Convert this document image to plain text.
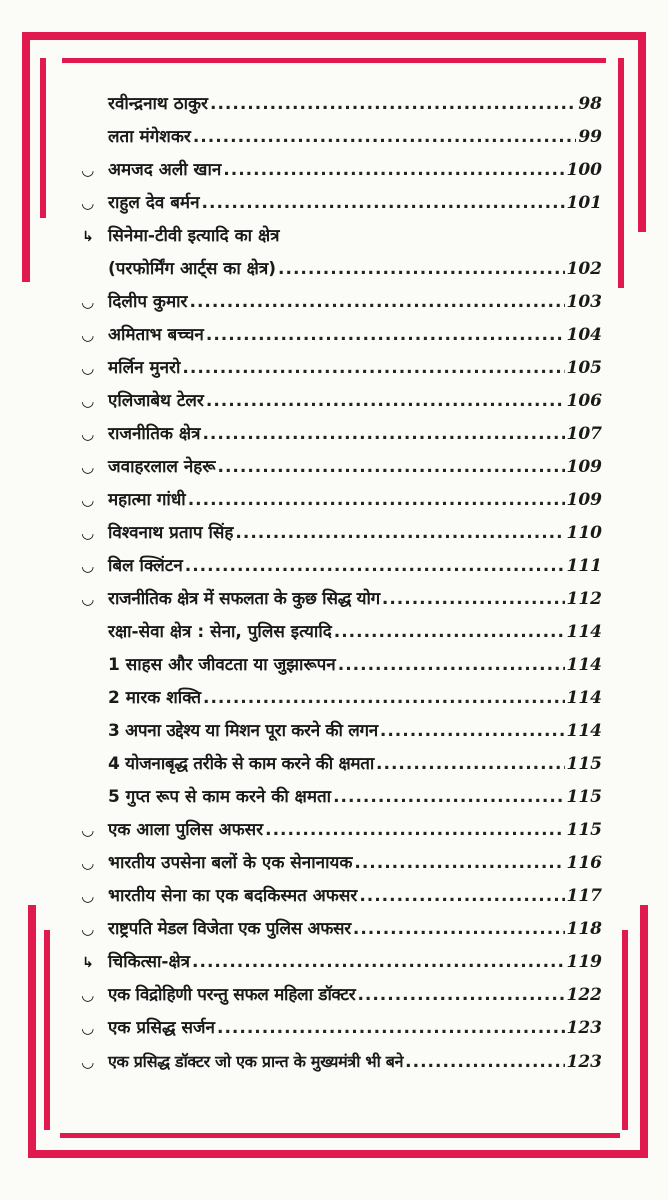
रवीन्द्रनाथ ठाकुर .....	98
लता मंगेशकर .....	99
◡ अमजद अली खान .....	100
◡ राहुल देव बर्मन .....	101
↳ सिनेमा-टीवी इत्यादि का क्षेत्र
(परफोर्मिंग आर्ट्स का क्षेत्र) .....	102
◡ दिलीप कुमार .....	103
◡ अमिताभ बच्चन .....	104
◡ मर्लिन मुनरो .....	105
◡ एलिजाबेथ टेलर .....	106
◡ राजनीतिक क्षेत्र .....	107
◡ जवाहरलाल नेहरू .....	109
◡ महात्मा गांधी .....	109
◡ विश्वनाथ प्रताप सिंह .....	110
◡ बिल क्लिंटन .....	111
◡ राजनीतिक क्षेत्र में सफलता के कुछ सिद्ध योग .....	112
रक्षा-सेवा क्षेत्र : सेना, पुलिस इत्यादि .....	114
1 साहस और जीवटता या जुझारूपन .....	114
2 मारक शक्ति .....	114
3 अपना उद्देश्य या मिशन पूरा करने की लगन .....	114
4 योजनाबृद्ध तरीके से काम करने की क्षमता .....	115
5 गुप्त रूप से काम करने की क्षमता .....	115
◡ एक आला पुलिस अफसर .....	115
◡ भारतीय उपसेना बलों के एक सेनानायक .....	116
◡ भारतीय सेना का एक बदकिस्मत अफसर .....	117
◡ राष्ट्रपति मेडल विजेता एक पुलिस अफसर .....	118
↳ चिकित्सा-क्षेत्र .....	119
◡ एक विद्रोहिणी परन्तु सफल महिला डॉक्टर .....	122
◡ एक प्रसिद्ध सर्जन .....	123
◡ एक प्रसिद्ध डॉक्टर जो एक प्रान्त के मुख्यमंत्री भी बने .....	123
